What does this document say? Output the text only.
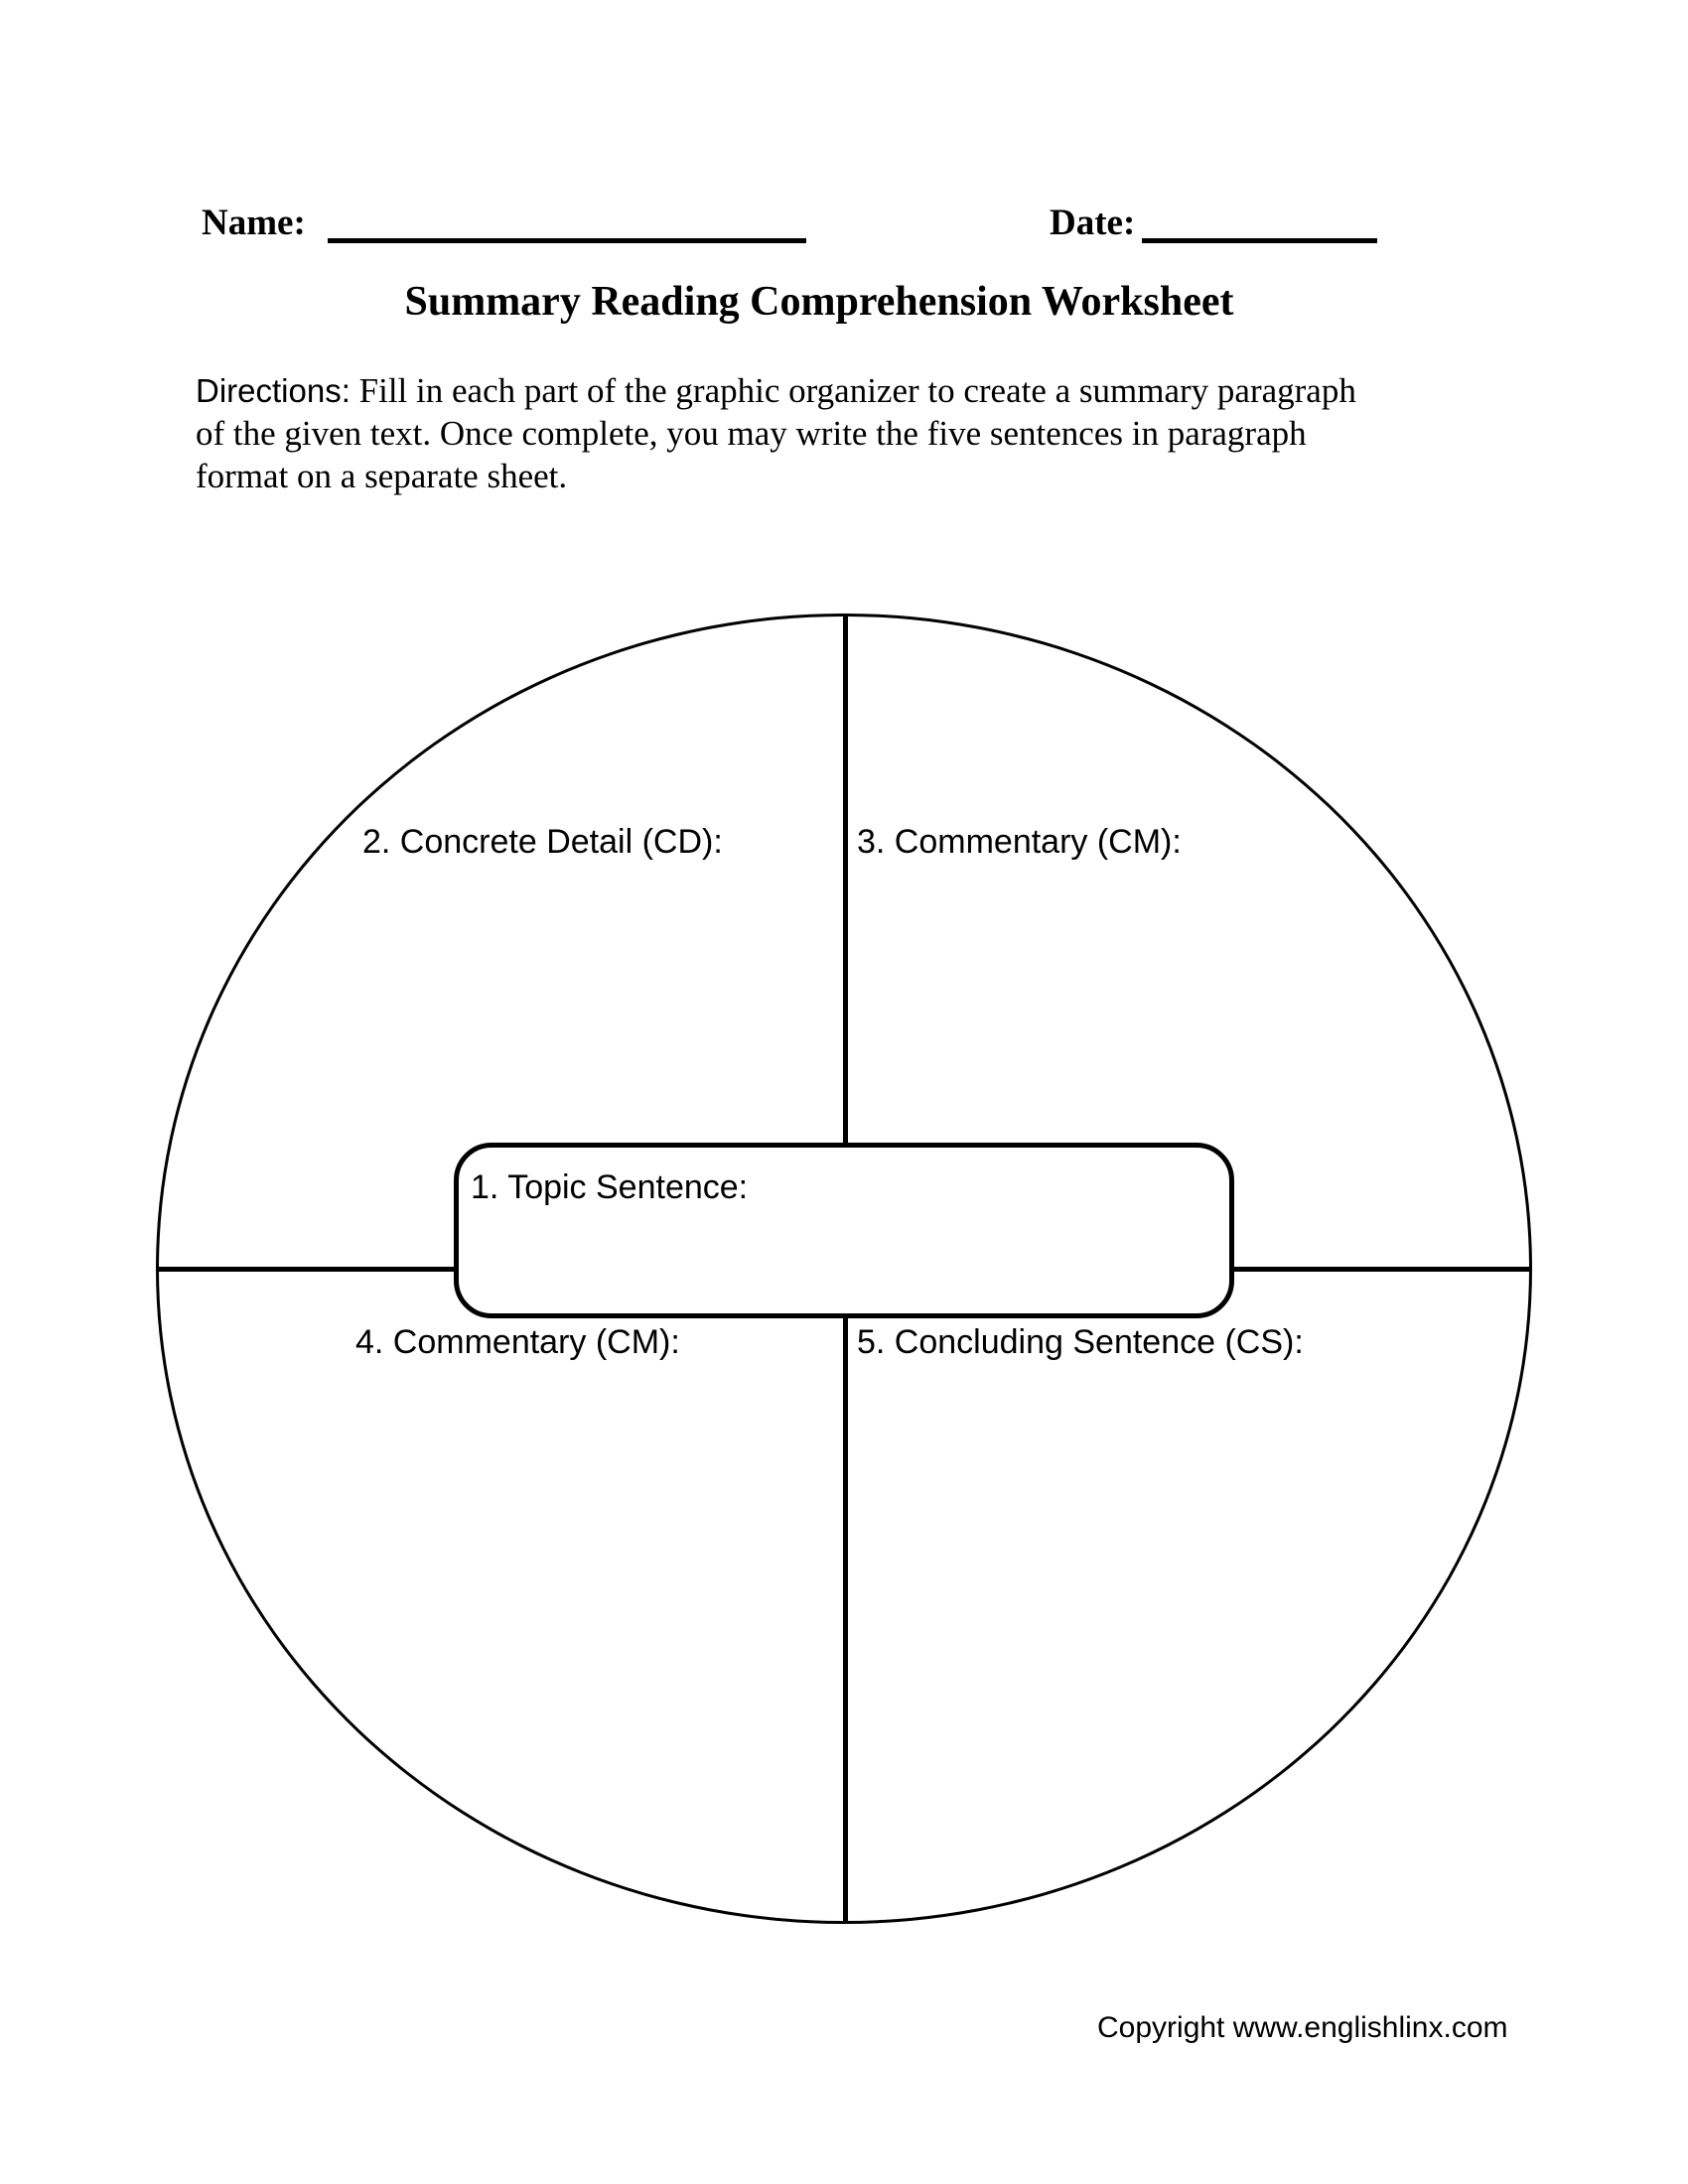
Name:	Date:
Summary Reading Comprehension Worksheet
Directions: Fill in each part of the graphic organizer to create a summary paragraph
of the given text. Once complete, you may write the five sentences in paragraph
format on a separate sheet.
2. Concrete Detail (CD):	3. Commentary (CM):
4. Commentary (CM):	5. Concluding Sentence (CS):
1. Topic Sentence:
Copyright www.englishlinx.com
